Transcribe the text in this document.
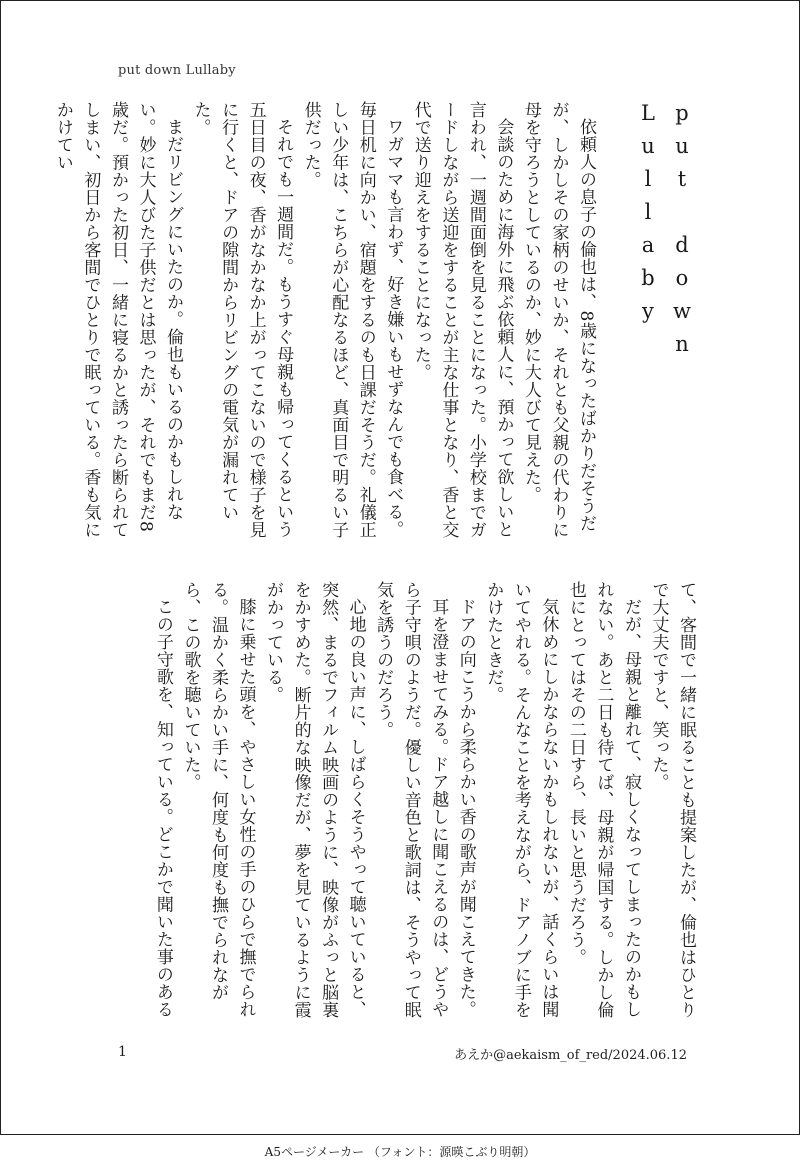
put down Lullaby
put down Lullaby

依頼人の息子の倫也は、8歳になったばかりだそうだが、しかしその家柄のせいか、それとも父親の代わりに母を守ろうとしているのか、妙に大人びて見えた。

会談のために海外に飛ぶ依頼人に、預かって欲しいと言われ、一週間面倒を見ることになった。小学校までガードしながら送迎をすることが主な仕事となり、香と交代で送り迎えをすることになった。

ワガママも言わず、好き嫌いもせずなんでも食べる。毎日机に向かい、宿題をするのも日課だそうだ。礼儀正しい少年は、こちらが心配なるほど、真面目で明るい子供だった。

それでも一週間だ。もうすぐ母親も帰ってくるという五日目の夜、香がなかなか上がってこないので様子を見に行くと、ドアの隙間からリビングの電気が漏れていた。

まだリビングにいたのか。倫也もいるのかもしれない。妙に大人びた子供だとは思ったが、それでもまだ8歳だ。預かった初日、一緒に寝るかと誘ったら断られてしまい、初日から客間でひとりで眠っている。香も気にかけてい

て、客間で一緒に眠ることも提案したが、倫也はひとりで大丈夫ですと、笑った。

だが、母親と離れて、寂しくなってしまったのかもしれない。あと二日も待てば、母親が帰国する。しかし倫也にとってはその二日すら、長いと思うだろう。

気休めにしかならないかもしれないが、話くらいは聞いてやれる。そんなことを考えながら、ドアノブに手をかけたときだ。

ドアの向こうから柔らかい香の歌声が聞こえてきた。

耳を澄ませてみる。ドア越しに聞こえるのは、どうやら子守唄のようだ。優しい音色と歌詞は、そうやって眠気を誘うのだろう。

心地の良い声に、しばらくそうやって聴いていると、突然、まるでフィルム映画のように、映像がふっと脳裏をかすめた。断片的な映像だが、夢を見ているように霞がかっている。

膝に乗せた頭を、やさしい女性の手のひらで撫でられる。温かく柔らかい手に、何度も何度も撫でられながら、この歌を聴いていた。

この子守歌を、知っている。どこかで聞いた事のある

1	あえか@aekaism_of_red/2024.06.12
A5ページメーカー （フォント：源暎こぶり明朝）
